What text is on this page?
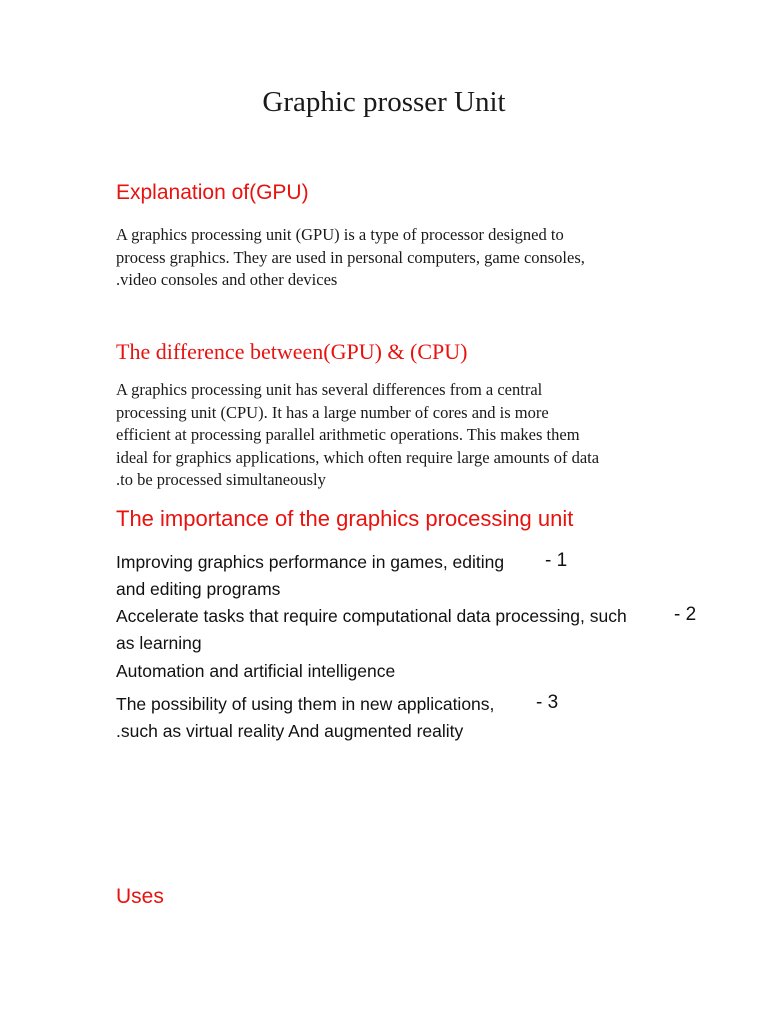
Graphic prosser Unit
Explanation of(GPU)
A graphics processing unit (GPU) is a type of processor designed to
process graphics. They are used in personal computers, game consoles,
.video consoles and other devices
The difference between(GPU) & (CPU)
A graphics processing unit has several differences from a central
processing unit (CPU). It has a large number of cores and is more
efficient at processing parallel arithmetic operations. This makes them
ideal for graphics applications, which often require large amounts of data
.to be processed simultaneously
The importance of the graphics processing unit
Improving graphics performance in games, editing - 1
and editing programs
Accelerate tasks that require computational data processing, such - 2
as learning
Automation and artificial intelligence
The possibility of using them in new applications, - 3
.such as virtual reality And augmented reality
Uses
